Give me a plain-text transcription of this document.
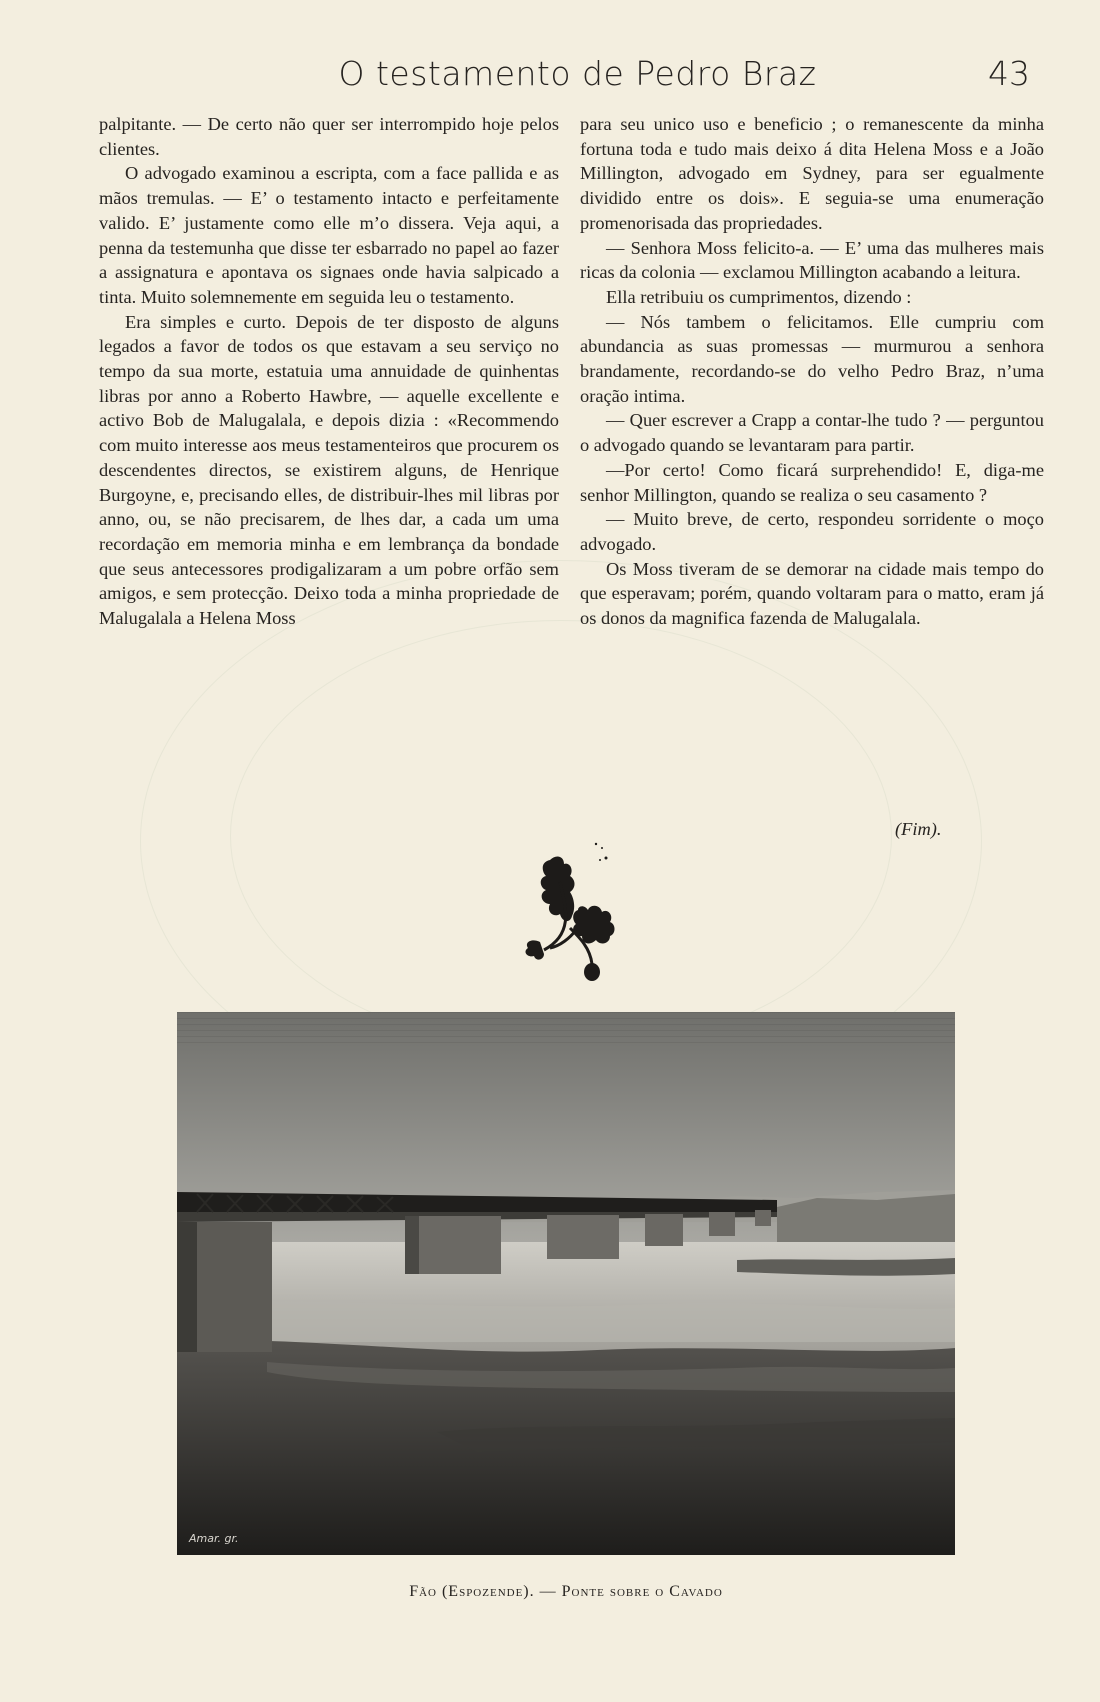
O testamento de Pedro Braz	43

palpitante. — De certo não quer ser interrompido hoje pelos clientes.

O advogado examinou a escripta, com a face pallida e as mãos tremulas. — E’ o testamento intacto e perfeitamente valido. E’ justamente como elle m’o dissera. Veja aqui, a penna da testemunha que disse ter esbarrado no papel ao fazer a assignatura e apontava os signaes onde havia salpicado a tinta. Muito solemnemente em seguida leu o testamento.

Era simples e curto. Depois de ter disposto de alguns legados a favor de todos os que estavam a seu serviço no tempo da sua morte, estatuia uma annuidade de quinhentas libras por anno a Roberto Hawbre, — aquelle excellente e activo Bob de Malugalala, e depois dizia : «Recommendo com muito interesse aos meus testamenteiros que procurem os descendentes directos, se existirem alguns, de Henrique Burgoyne, e, precisando elles, de distribuir-lhes mil libras por anno, ou, se não precisarem, de lhes dar, a cada um uma recordação em memoria minha e em lembrança da bondade que seus antecessores prodigalizaram a um pobre orfão sem amigos, e sem protecção. Deixo toda a minha propriedade de Malugalala a Helena Moss

para seu unico uso e beneficio ; o remanescente da minha fortuna toda e tudo mais deixo á dita Helena Moss e a João Millington, advogado em Sydney, para ser egualmente dividido entre os dois». E seguia-se uma enumeração promenorisada das propriedades.

— Senhora Moss felicito-a. — E’ uma das mulheres mais ricas da colonia — exclamou Millington acabando a leitura.

Ella retribuiu os cumprimentos, dizendo :

— Nós tambem o felicitamos. Elle cumpriu com abundancia as suas promessas — murmurou a senhora brandamente, recordando-se do velho Pedro Braz, n’uma oração intima.

— Quer escrever a Crapp a contar-lhe tudo ? — perguntou o advogado quando se levantaram para partir.

—Por certo! Como ficará surprehendido! E, diga-me senhor Millington, quando se realiza o seu casamento ?

— Muito breve, de certo, respondeu sorridente o moço advogado.

Os Moss tiveram de se demorar na cidade mais tempo do que esperavam; porém, quando voltaram para o matto, eram já os donos da magnifica fazenda de Malugalala.

(Fim).
Amar. gr.
Fão (Espozende). — Ponte sobre o Cavado
